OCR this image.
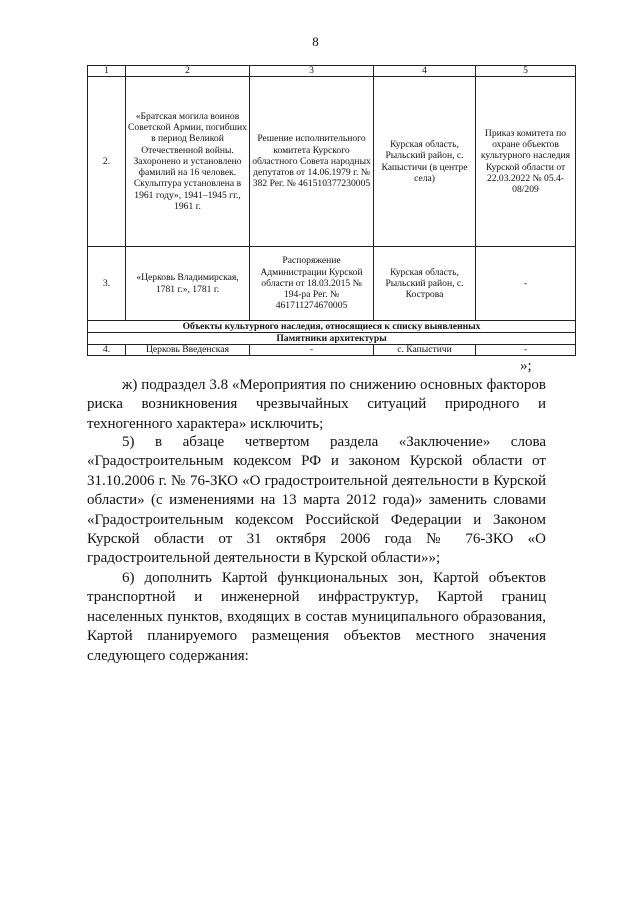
8
1	2	3	4	5
2.	«Братская могила воинов Советской Армии, погибших в период Великой Отечественной войны. Захоронено и установлено фамилий на 16 человек. Скульптура установлена в 1961 году», 1941–1945 гг., 1961 г.	Решение исполнительного комитета Курского областного Совета народных депутатов от 14.06.1979 г. № 382 Рег. № 461510377230005	Курская область, Рыльский район, с. Капыстичи (в центре села)	Приказ комитета по охране объектов культурного наследия Курской области от 22.03.2022 № 05.4-08/209
3.	«Церковь Владимирская, 1781 г.», 1781 г.	Распоряжение Администрации Курской области от 18.03.2015 № 194-ра Рег. № 461711274670005	Курская область, Рыльский район, с. Кострова	-
Объекты культурного наследия, относящиеся к списку выявленных				
Памятники архитектуры				
4.	Церковь Введенская	-	с. Капыстичи	-
»;

ж) подраздел 3.8 «Мероприятия по снижению основных факторов риска возникновения чрезвычайных ситуаций природного и техногенного характера» исключить;

5) в абзаце четвертом раздела «Заключение» слова «Градостроительным кодексом РФ и законом Курской области от 31.10.2006 г. № 76-ЗКО «О градостроительной деятельности в Курской области» (с изменениями на 13 марта 2012 года)» заменить словами «Градостроительным кодексом Российской Федерации и Законом Курской области от 31 октября 2006 года № 76-ЗКО «О градостроительной деятельности в Курской области»»;

6) дополнить Картой функциональных зон, Картой объектов транспортной и инженерной инфраструктур, Картой границ населенных пунктов, входящих в состав муниципального образования, Картой планируемого размещения объектов местного значения следующего содержания:
